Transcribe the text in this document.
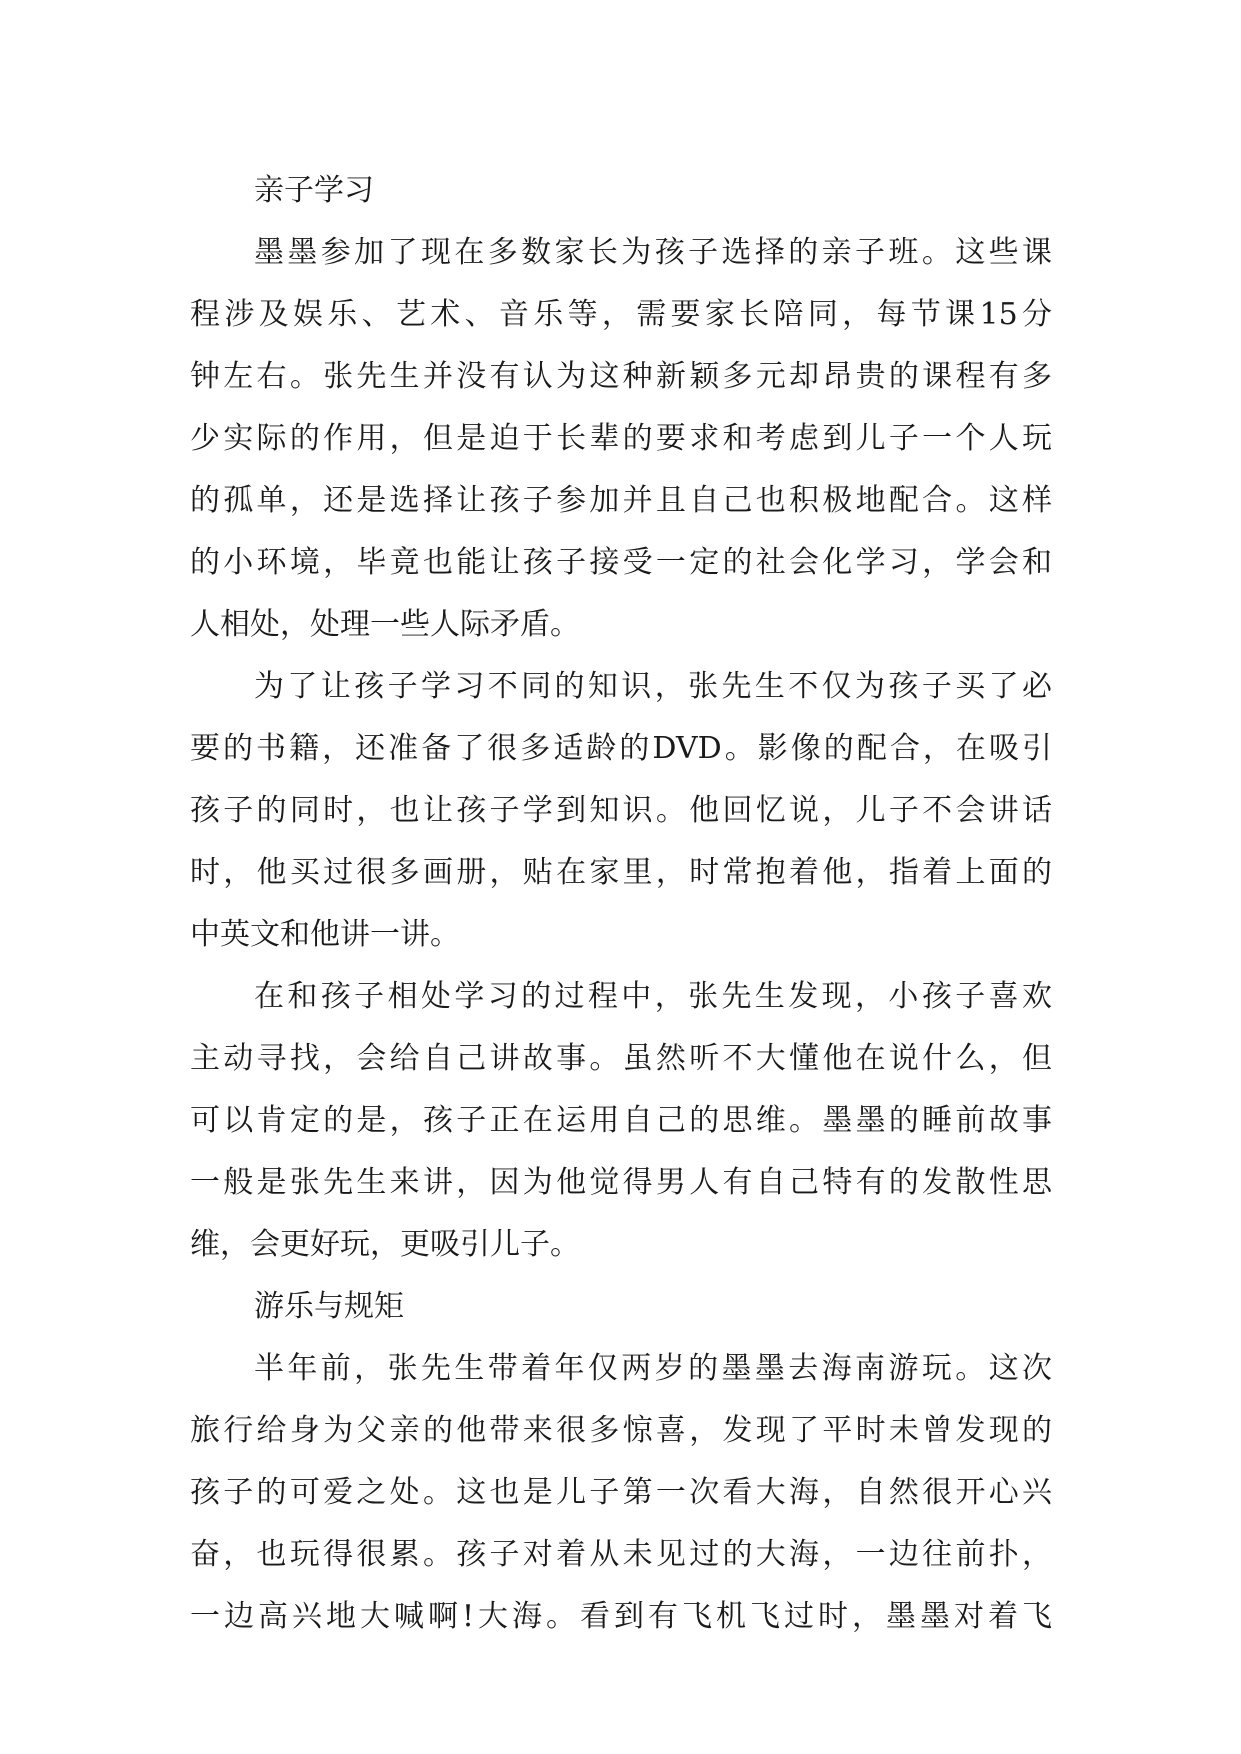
亲子学习
墨墨参加了现在多数家长为孩子选择的亲子班。这些课
程涉及娱乐、艺术、音乐等，需要家长陪同，每节课15分
钟左右。张先生并没有认为这种新颖多元却昂贵的课程有多
少实际的作用，但是迫于长辈的要求和考虑到儿子一个人玩
的孤单，还是选择让孩子参加并且自己也积极地配合。这样
的小环境，毕竟也能让孩子接受一定的社会化学习，学会和
人相处，处理一些人际矛盾。
为了让孩子学习不同的知识，张先生不仅为孩子买了必
要的书籍，还准备了很多适龄的DVD。影像的配合，在吸引
孩子的同时，也让孩子学到知识。他回忆说，儿子不会讲话
时，他买过很多画册，贴在家里，时常抱着他，指着上面的
中英文和他讲一讲。
在和孩子相处学习的过程中，张先生发现，小孩子喜欢
主动寻找，会给自己讲故事。虽然听不大懂他在说什么，但
可以肯定的是，孩子正在运用自己的思维。墨墨的睡前故事
一般是张先生来讲，因为他觉得男人有自己特有的发散性思
维，会更好玩，更吸引儿子。
游乐与规矩
半年前，张先生带着年仅两岁的墨墨去海南游玩。这次
旅行给身为父亲的他带来很多惊喜，发现了平时未曾发现的
孩子的可爱之处。这也是儿子第一次看大海，自然很开心兴
奋，也玩得很累。孩子对着从未见过的大海，一边往前扑，
一边高兴地大喊啊!大海。看到有飞机飞过时，墨墨对着飞
